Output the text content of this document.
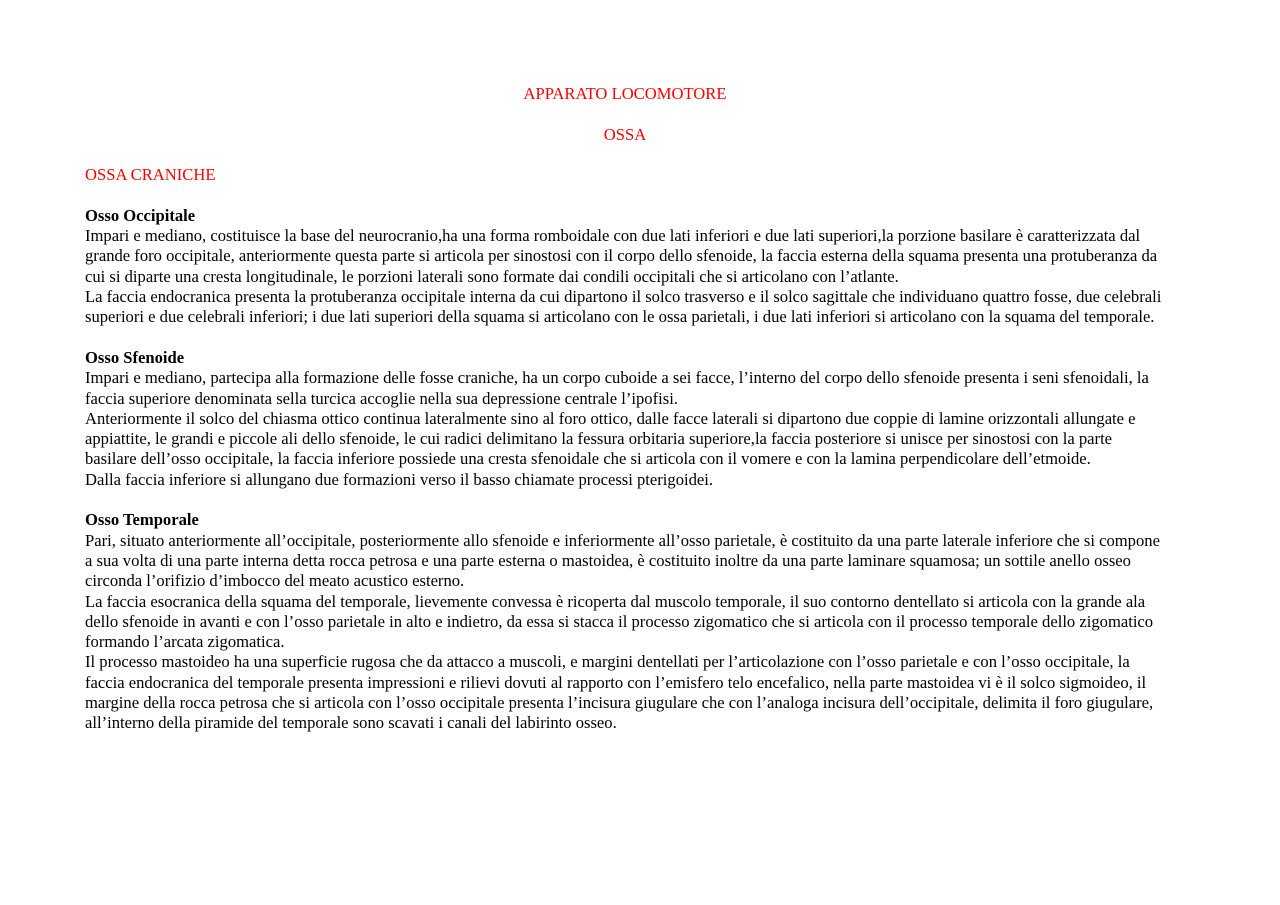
APPARATO LOCOMOTORE

OSSA

OSSA CRANICHE

Osso Occipitale

Impari e mediano, costituisce la base del neurocranio,ha una forma romboidale con due lati inferiori e due lati superiori,la porzione basilare è caratterizzata dal grande foro occipitale, anteriormente questa parte si articola per sinostosi con il corpo dello sfenoide, la faccia esterna della squama presenta una protuberanza da cui si diparte una cresta longitudinale, le porzioni laterali sono formate dai condili occipitali che si articolano con l’atlante.

La faccia endocranica presenta la protuberanza occipitale interna da cui dipartono il solco trasverso e il solco sagittale che individuano quattro fosse, due celebrali superiori e due celebrali inferiori; i due lati superiori della squama si articolano con le ossa parietali, i due lati inferiori si articolano con la squama del temporale.

Osso Sfenoide

Impari e mediano, partecipa alla formazione delle fosse craniche, ha un corpo cuboide a sei facce, l’interno del corpo dello sfenoide presenta i seni sfenoidali, la faccia superiore denominata sella turcica accoglie nella sua depressione centrale l’ipofisi.

Anteriormente il solco del chiasma ottico continua lateralmente sino al foro ottico, dalle facce laterali si dipartono due coppie di lamine orizzontali allungate e appiattite, le grandi e piccole ali dello sfenoide, le cui radici delimitano la fessura orbitaria superiore,la faccia posteriore si unisce per sinostosi con la parte basilare dell’osso occipitale, la faccia inferiore possiede una cresta sfenoidale che si articola con il vomere e con la lamina perpendicolare dell’etmoide.

Dalla faccia inferiore si allungano due formazioni verso il basso chiamate processi pterigoidei.

Osso Temporale

Pari, situato anteriormente all’occipitale, posteriormente allo sfenoide e inferiormente all’osso parietale, è costituito da una parte laterale inferiore che si compone a sua volta di una parte interna detta rocca petrosa e una parte esterna o mastoidea, è costituito inoltre da una parte laminare squamosa; un sottile anello osseo circonda l’orifizio d’imbocco del meato acustico esterno.

La faccia esocranica della squama del temporale, lievemente convessa è ricoperta dal muscolo temporale, il suo contorno dentellato si articola con la grande ala dello sfenoide in avanti e con l’osso parietale in alto e indietro, da essa si stacca il processo zigomatico che si articola con il processo temporale dello zigomatico formando l’arcata zigomatica.

Il processo mastoideo ha una superficie rugosa che da attacco a muscoli, e margini dentellati per l’articolazione con l’osso parietale e con l’osso occipitale, la faccia endocranica del temporale presenta impressioni e rilievi dovuti al rapporto con l’emisfero telo encefalico, nella parte mastoidea vi è il solco sigmoideo, il margine della rocca petrosa che si articola con l’osso occipitale presenta l’incisura giugulare che con l’analoga incisura dell’occipitale, delimita il foro giugulare, all’interno della piramide del temporale sono scavati i canali del labirinto osseo.
